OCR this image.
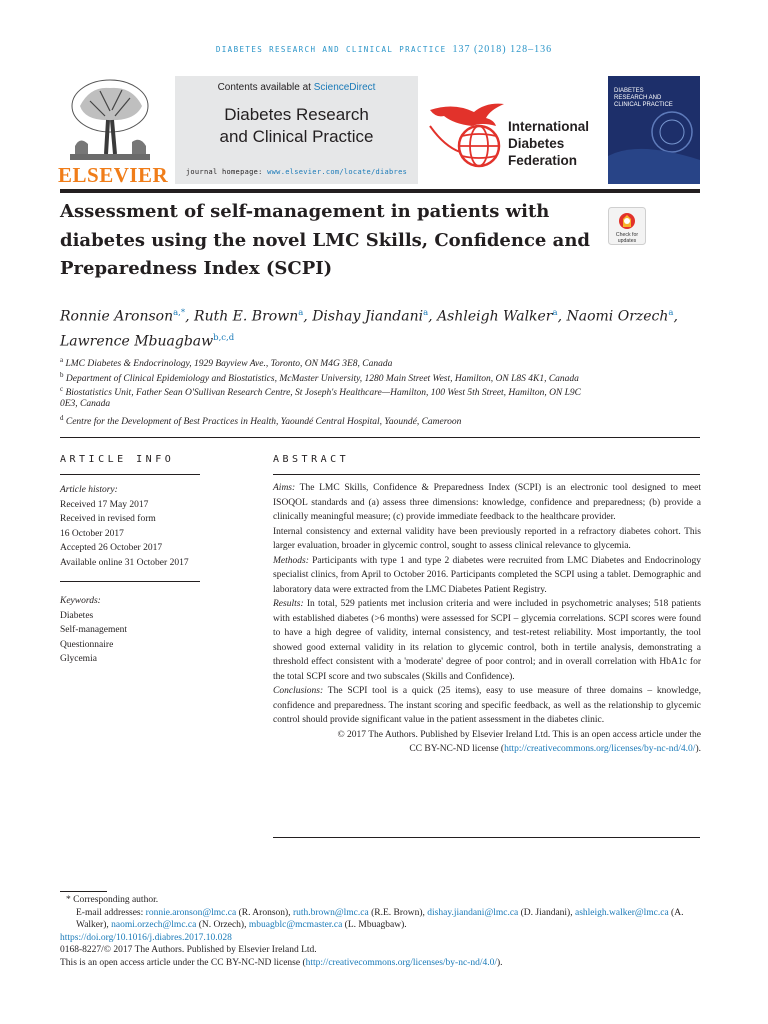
DIABETES RESEARCH AND CLINICAL PRACTICE 137 (2018) 128–136
ELSEVIER
Contents available at ScienceDirect
Diabetes Research
and Clinical Practice
journal homepage: www.elsevier.com/locate/diabres
International
Diabetes
Federation
DIABETES
RESEARCH AND
CLINICAL PRACTICE
Assessment of self-management in patients with diabetes using the novel LMC Skills, Confidence and Preparedness Index (SCPI)
Check for
updates
Ronnie Aronson$^{a,*}$, Ruth E. Brown$^a$, Dishay Jiandani$^a$, Ashleigh Walker$^a$, Naomi Orzech$^a$,
Lawrence Mbuagbaw$^{b,c,d}$
$^a$ LMC Diabetes & Endocrinology, 1929 Bayview Ave., Toronto, ON M4G 3E8, Canada
$^b$ Department of Clinical Epidemiology and Biostatistics, McMaster University, 1280 Main Street West, Hamilton, ON L8S 4K1, Canada
$^c$ Biostatistics Unit, Father Sean O'Sullivan Research Centre, St Joseph's Healthcare—Hamilton, 100 West 5th Street, Hamilton, ON L9C
0E3, Canada
$^d$ Centre for the Development of Best Practices in Health, Yaoundé Central Hospital, Yaoundé, Cameroon
ARTICLE INFO	ABSTRACT
Article history:
Received 17 May 2017
Received in revised form
16 October 2017
Accepted 26 October 2017
Available online 31 October 2017
Keywords:
Diabetes
Self-management
Questionnaire
Glycemia

Aims: The LMC Skills, Confidence & Preparedness Index (SCPI) is an electronic tool designed to meet ISOQOL standards and (a) assess three dimensions: knowledge, confidence and preparedness; (b) provide a clinically meaningful measure; (c) provide immediate feedback to the healthcare provider.

Internal consistency and external validity have been previously reported in a refractory diabetes cohort. This larger evaluation, broader in glycemic control, sought to assess clinical relevance to glycemia.

Methods: Participants with type 1 and type 2 diabetes were recruited from LMC Diabetes and Endocrinology specialist clinics, from April to October 2016. Participants completed the SCPI using a tablet. Demographic and laboratory data were extracted from the LMC Diabetes Patient Registry.

Results: In total, 529 patients met inclusion criteria and were included in psychometric analyses; 518 patients with established diabetes (>6 months) were assessed for SCPI – glycemia correlations. SCPI scores were found to have a high degree of validity, internal consistency, and test-retest reliability. Most importantly, the tool showed good external validity in its relation to glycemic control, both in tertile analysis, demonstrating a threshold effect consistent with a 'moderate' degree of poor control; and in overall correlation with HbA1c for the total SCPI score and two subscales (Skills and Confidence).

Conclusions: The SCPI tool is a quick (25 items), easy to use measure of three domains – knowledge, confidence and preparedness. The instant scoring and specific feedback, as well as the relationship to glycemic control should provide significant value in the patient assessment in the diabetes clinic.

© 2017 The Authors. Published by Elsevier Ireland Ltd. This is an open access article under the
CC BY-NC-ND license (http://creativecommons.org/licenses/by-nc-nd/4.0/).

* Corresponding author.

E-mail addresses: ronnie.aronson@lmc.ca (R. Aronson), ruth.brown@lmc.ca (R.E. Brown), dishay.jiandani@lmc.ca (D. Jiandani), ashleigh.walker@lmc.ca (A. Walker), naomi.orzech@lmc.ca (N. Orzech), mbuagblc@mcmaster.ca (L. Mbuagbaw).

https://doi.org/10.1016/j.diabres.2017.10.028

0168-8227/© 2017 The Authors. Published by Elsevier Ireland Ltd.

This is an open access article under the CC BY-NC-ND license (http://creativecommons.org/licenses/by-nc-nd/4.0/).
